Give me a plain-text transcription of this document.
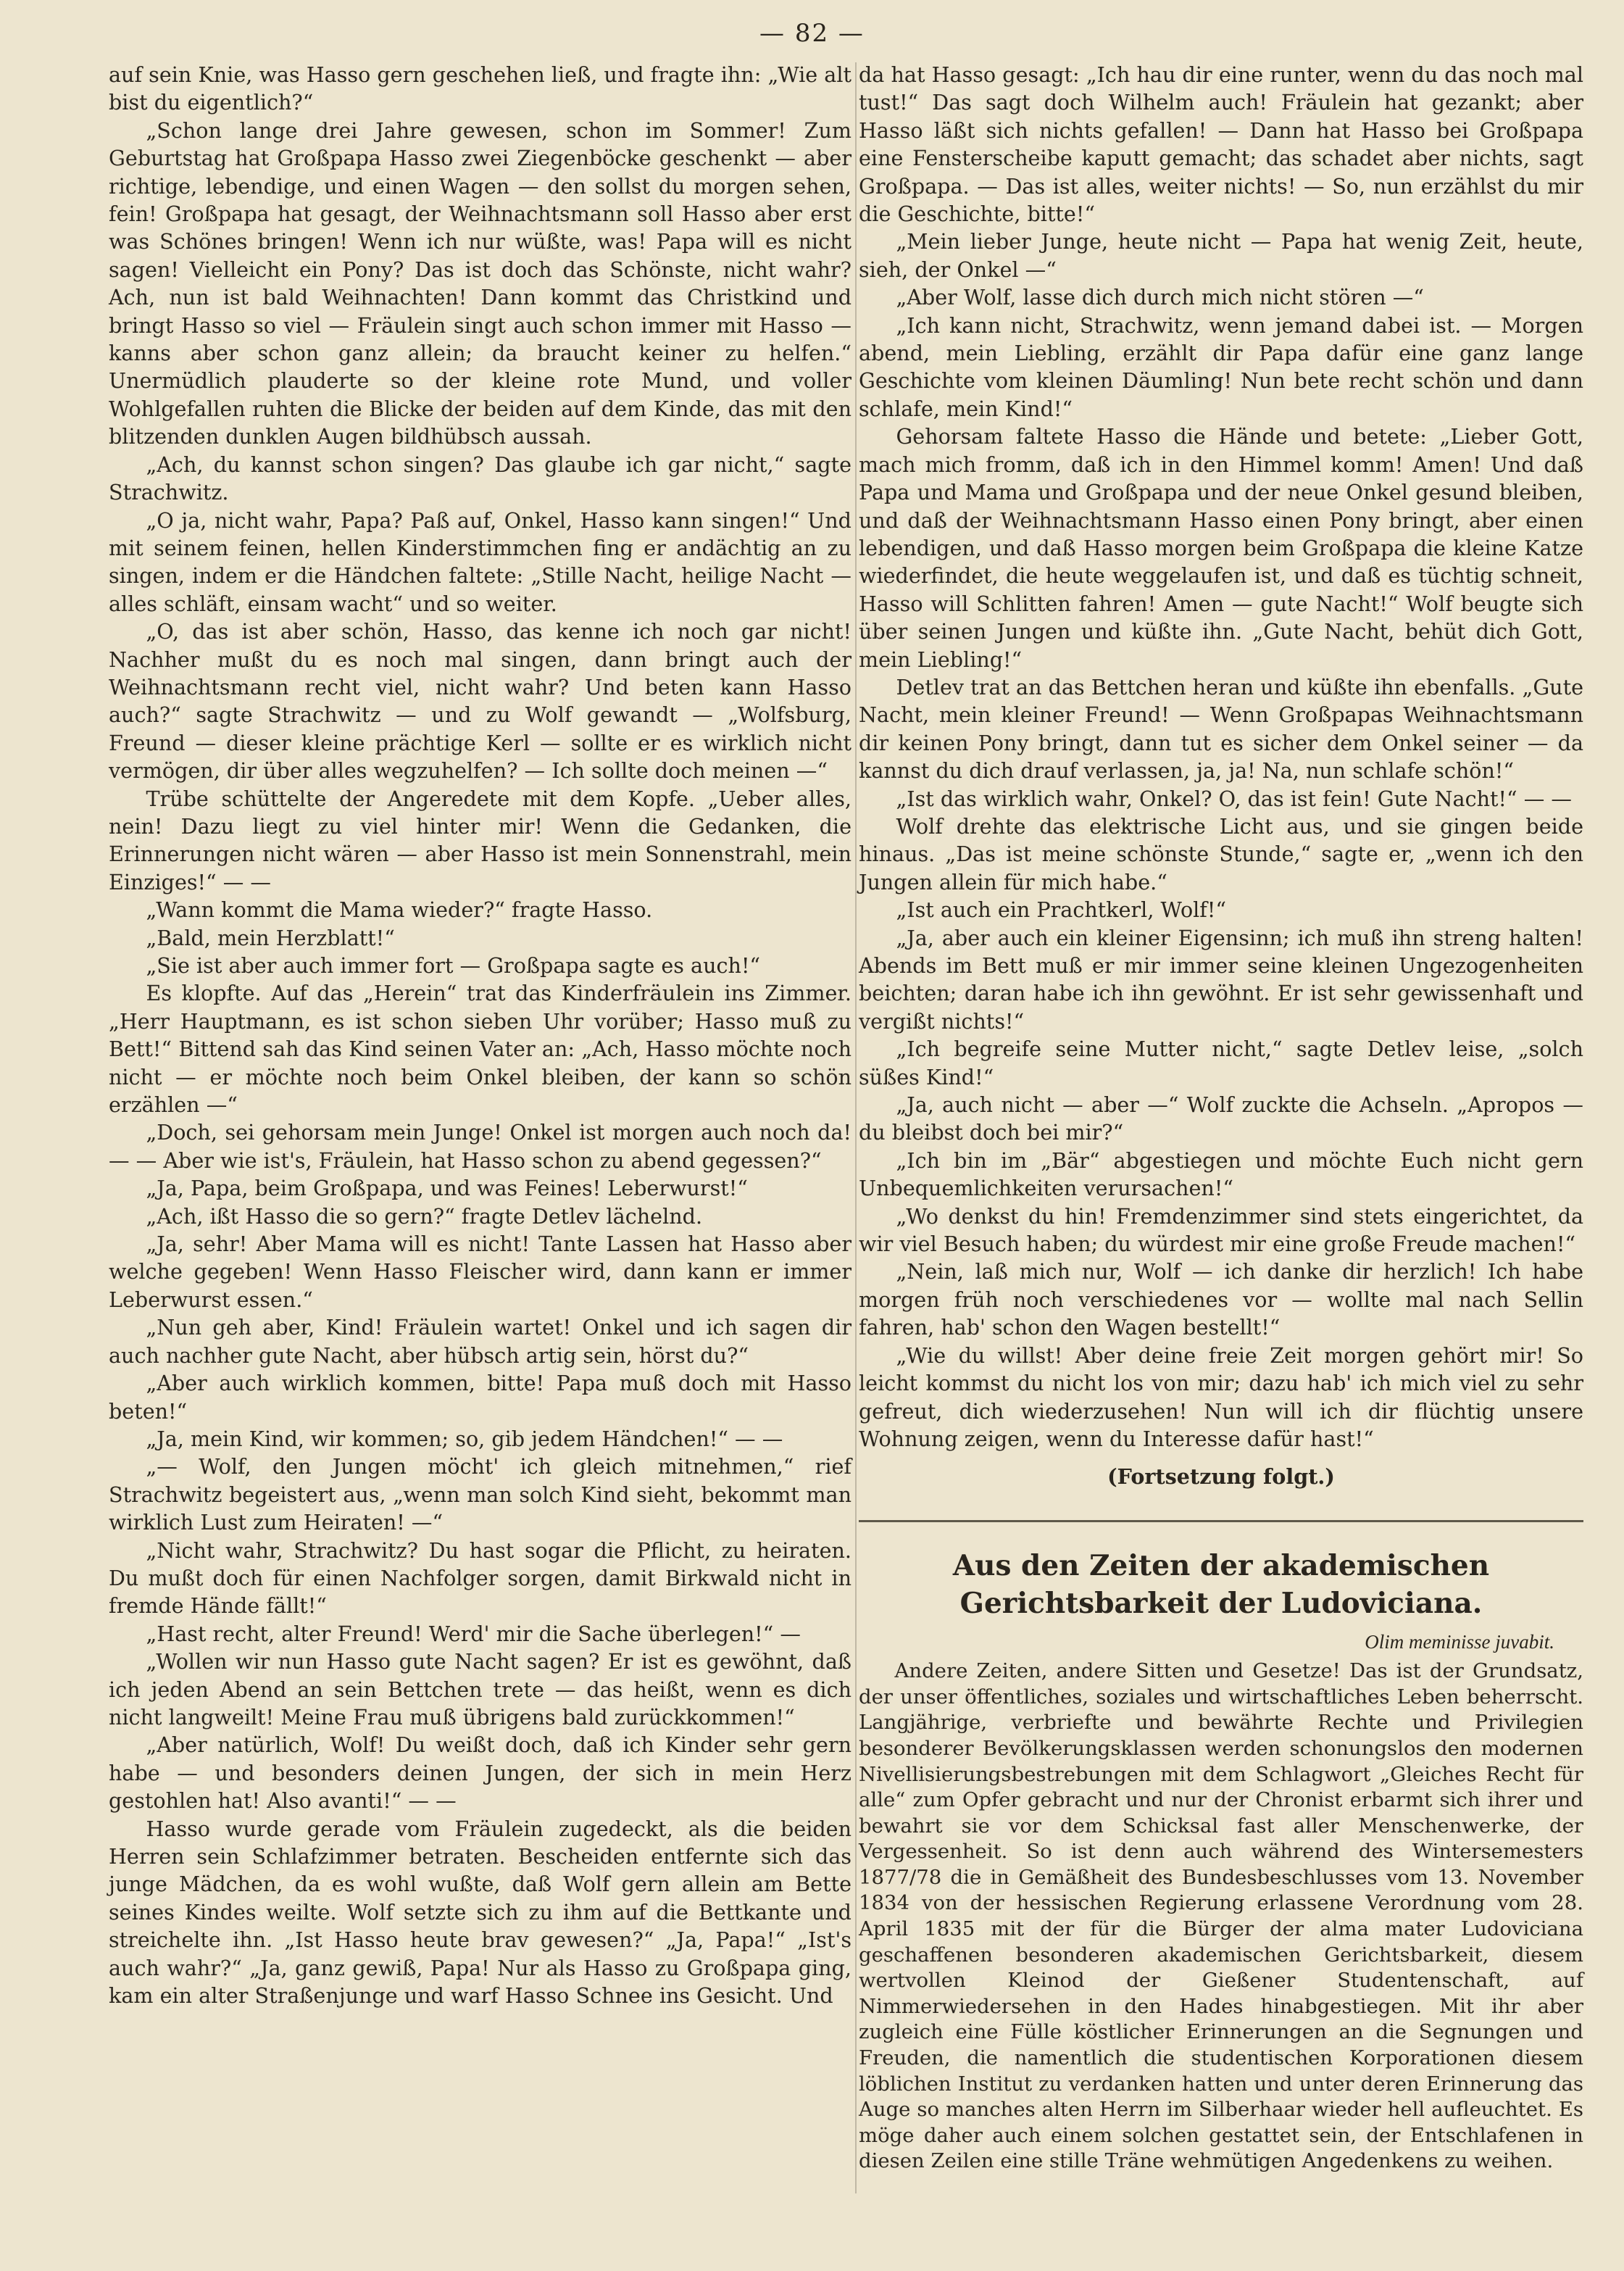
— 82 —

auf sein Knie, was Hasso gern geschehen ließ, und fragte ihn: „Wie alt bist du eigentlich?“

„Schon lange drei Jahre gewesen, schon im Sommer! Zum Geburtstag hat Großpapa Hasso zwei Ziegenböcke geschenkt — aber richtige, lebendige, und einen Wagen — den sollst du morgen sehen, fein! Großpapa hat gesagt, der Weihnachtsmann soll Hasso aber erst was Schönes bringen! Wenn ich nur wüßte, was! Papa will es nicht sagen! Vielleicht ein Pony? Das ist doch das Schönste, nicht wahr? Ach, nun ist bald Weihnachten! Dann kommt das Christkind und bringt Hasso so viel — Fräulein singt auch schon immer mit Hasso — kanns aber schon ganz allein; da braucht keiner zu helfen.“ Unermüdlich plauderte so der kleine rote Mund, und voller Wohlgefallen ruhten die Blicke der beiden auf dem Kinde, das mit den blitzenden dunklen Augen bildhübsch aussah.

„Ach, du kannst schon singen? Das glaube ich gar nicht,“ sagte Strachwitz.

„O ja, nicht wahr, Papa? Paß auf, Onkel, Hasso kann singen!“ Und mit seinem feinen, hellen Kinderstimmchen fing er andächtig an zu singen, indem er die Händchen faltete: „Stille Nacht, heilige Nacht — alles schläft, einsam wacht“ und so weiter.

„O, das ist aber schön, Hasso, das kenne ich noch gar nicht! Nachher mußt du es noch mal singen, dann bringt auch der Weihnachtsmann recht viel, nicht wahr? Und beten kann Hasso auch?“ sagte Strachwitz — und zu Wolf gewandt — „Wolfsburg, Freund — dieser kleine prächtige Kerl — sollte er es wirklich nicht vermögen, dir über alles wegzuhelfen? — Ich sollte doch meinen —“

Trübe schüttelte der Angeredete mit dem Kopfe. „Ueber alles, nein! Dazu liegt zu viel hinter mir! Wenn die Gedanken, die Erinnerungen nicht wären — aber Hasso ist mein Sonnenstrahl, mein Einziges!“ — —

„Wann kommt die Mama wieder?“ fragte Hasso.

„Bald, mein Herzblatt!“

„Sie ist aber auch immer fort — Großpapa sagte es auch!“

Es klopfte. Auf das „Herein“ trat das Kinderfräulein ins Zimmer. „Herr Hauptmann, es ist schon sieben Uhr vorüber; Hasso muß zu Bett!“ Bittend sah das Kind seinen Vater an: „Ach, Hasso möchte noch nicht — er möchte noch beim Onkel bleiben, der kann so schön erzählen —“

„Doch, sei gehorsam mein Junge! Onkel ist morgen auch noch da! — — Aber wie ist's, Fräulein, hat Hasso schon zu abend gegessen?“

„Ja, Papa, beim Großpapa, und was Feines! Leberwurst!“

„Ach, ißt Hasso die so gern?“ fragte Detlev lächelnd.

„Ja, sehr! Aber Mama will es nicht! Tante Lassen hat Hasso aber welche gegeben! Wenn Hasso Fleischer wird, dann kann er immer Leberwurst essen.“

„Nun geh aber, Kind! Fräulein wartet! Onkel und ich sagen dir auch nachher gute Nacht, aber hübsch artig sein, hörst du?“

„Aber auch wirklich kommen, bitte! Papa muß doch mit Hasso beten!“

„Ja, mein Kind, wir kommen; so, gib jedem Händchen!“ — —

„— Wolf, den Jungen möcht' ich gleich mitnehmen,“ rief Strachwitz begeistert aus, „wenn man solch Kind sieht, bekommt man wirklich Lust zum Heiraten! —“

„Nicht wahr, Strachwitz? Du hast sogar die Pflicht, zu heiraten. Du mußt doch für einen Nachfolger sorgen, damit Birkwald nicht in fremde Hände fällt!“

„Hast recht, alter Freund! Werd' mir die Sache überlegen!“ —

„Wollen wir nun Hasso gute Nacht sagen? Er ist es gewöhnt, daß ich jeden Abend an sein Bettchen trete — das heißt, wenn es dich nicht langweilt! Meine Frau muß übrigens bald zurückkommen!“

„Aber natürlich, Wolf! Du weißt doch, daß ich Kinder sehr gern habe — und besonders deinen Jungen, der sich in mein Herz gestohlen hat! Also avanti!“ — —

Hasso wurde gerade vom Fräulein zugedeckt, als die beiden Herren sein Schlafzimmer betraten. Bescheiden entfernte sich das junge Mädchen, da es wohl wußte, daß Wolf gern allein am Bette seines Kindes weilte. Wolf setzte sich zu ihm auf die Bettkante und streichelte ihn. „Ist Hasso heute brav gewesen?“ „Ja, Papa!“ „Ist's auch wahr?“ „Ja, ganz gewiß, Papa! Nur als Hasso zu Großpapa ging, kam ein alter Straßenjunge und warf Hasso Schnee ins Gesicht. Und

da hat Hasso gesagt: „Ich hau dir eine runter, wenn du das noch mal tust!“ Das sagt doch Wilhelm auch! Fräulein hat gezankt; aber Hasso läßt sich nichts gefallen! — Dann hat Hasso bei Großpapa eine Fensterscheibe kaputt gemacht; das schadet aber nichts, sagt Großpapa. — Das ist alles, weiter nichts! — So, nun erzählst du mir die Geschichte, bitte!“

„Mein lieber Junge, heute nicht — Papa hat wenig Zeit, heute, sieh, der Onkel —“

„Aber Wolf, lasse dich durch mich nicht stören —“

„Ich kann nicht, Strachwitz, wenn jemand dabei ist. — Morgen abend, mein Liebling, erzählt dir Papa dafür eine ganz lange Geschichte vom kleinen Däumling! Nun bete recht schön und dann schlafe, mein Kind!“

Gehorsam faltete Hasso die Hände und betete: „Lieber Gott, mach mich fromm, daß ich in den Himmel komm! Amen! Und daß Papa und Mama und Großpapa und der neue Onkel gesund bleiben, und daß der Weihnachtsmann Hasso einen Pony bringt, aber einen lebendigen, und daß Hasso morgen beim Großpapa die kleine Katze wiederfindet, die heute weggelaufen ist, und daß es tüchtig schneit, Hasso will Schlitten fahren! Amen — gute Nacht!“ Wolf beugte sich über seinen Jungen und küßte ihn. „Gute Nacht, behüt dich Gott, mein Liebling!“

Detlev trat an das Bettchen heran und küßte ihn ebenfalls. „Gute Nacht, mein kleiner Freund! — Wenn Großpapas Weihnachtsmann dir keinen Pony bringt, dann tut es sicher dem Onkel seiner — da kannst du dich drauf verlassen, ja, ja! Na, nun schlafe schön!“

„Ist das wirklich wahr, Onkel? O, das ist fein! Gute Nacht!“ — —

Wolf drehte das elektrische Licht aus, und sie gingen beide hinaus. „Das ist meine schönste Stunde,“ sagte er, „wenn ich den Jungen allein für mich habe.“

„Ist auch ein Prachtkerl, Wolf!“

„Ja, aber auch ein kleiner Eigensinn; ich muß ihn streng halten! Abends im Bett muß er mir immer seine kleinen Ungezogenheiten beichten; daran habe ich ihn gewöhnt. Er ist sehr gewissenhaft und vergißt nichts!“

„Ich begreife seine Mutter nicht,“ sagte Detlev leise, „solch süßes Kind!“

„Ja, auch nicht — aber —“ Wolf zuckte die Achseln. „Apropos — du bleibst doch bei mir?“

„Ich bin im „Bär“ abgestiegen und möchte Euch nicht gern Unbequemlichkeiten verursachen!“

„Wo denkst du hin! Fremdenzimmer sind stets eingerichtet, da wir viel Besuch haben; du würdest mir eine große Freude machen!“

„Nein, laß mich nur, Wolf — ich danke dir herzlich! Ich habe morgen früh noch verschiedenes vor — wollte mal nach Sellin fahren, hab' schon den Wagen bestellt!“

„Wie du willst! Aber deine freie Zeit morgen gehört mir! So leicht kommst du nicht los von mir; dazu hab' ich mich viel zu sehr gefreut, dich wiederzusehen! Nun will ich dir flüchtig unsere Wohnung zeigen, wenn du Interesse dafür hast!“

(Fortsetzung folgt.)

Aus den Zeiten der akademischen Gerichtsbarkeit der Ludoviciana.
Olim meminisse juvabit.

Andere Zeiten, andere Sitten und Gesetze! Das ist der Grundsatz, der unser öffentliches, soziales und wirtschaftliches Leben beherrscht. Langjährige, verbriefte und bewährte Rechte und Privilegien besonderer Bevölkerungsklassen werden schonungslos den modernen Nivellisierungsbestrebungen mit dem Schlagwort „Gleiches Recht für alle“ zum Opfer gebracht und nur der Chronist erbarmt sich ihrer und bewahrt sie vor dem Schicksal fast aller Menschenwerke, der Vergessenheit. So ist denn auch während des Wintersemesters 1877/78 die in Gemäßheit des Bundesbeschlusses vom 13. November 1834 von der hessischen Regierung erlassene Verordnung vom 28. April 1835 mit der für die Bürger der alma mater Ludoviciana geschaffenen besonderen akademischen Gerichtsbarkeit, diesem wertvollen Kleinod der Gießener Studentenschaft, auf Nimmerwiedersehen in den Hades hinabgestiegen. Mit ihr aber zugleich eine Fülle köstlicher Erinnerungen an die Segnungen und Freuden, die namentlich die studentischen Korporationen diesem löblichen Institut zu verdanken hatten und unter deren Erinnerung das Auge so manches alten Herrn im Silberhaar wieder hell aufleuchtet. Es möge daher auch einem solchen gestattet sein, der Entschlafenen in diesen Zeilen eine stille Träne wehmütigen Angedenkens zu weihen.
